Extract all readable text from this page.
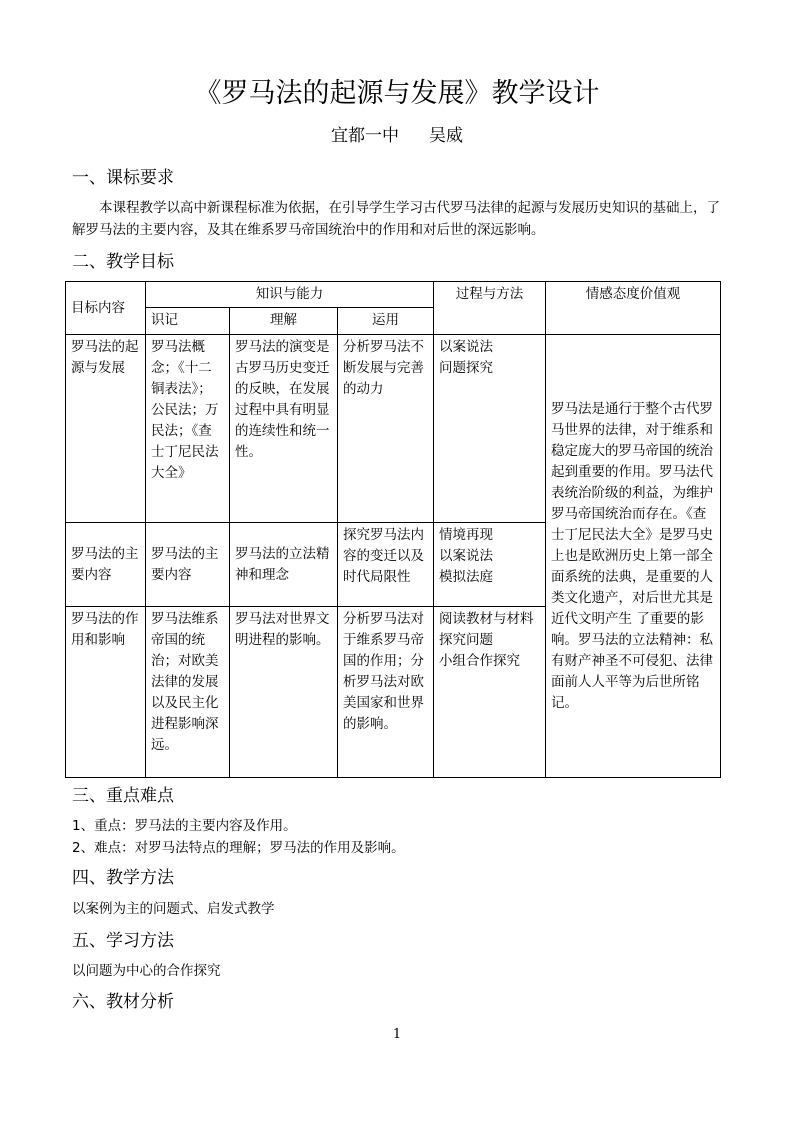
《罗马法的起源与发展》教学设计
宜都一中 吴威
一、课标要求
本课程教学以高中新课程标准为依据，在引导学生学习古代罗马法律的起源与发展历史知识的基础上，了解罗马法的主要内容，及其在维系罗马帝国统治中的作用和对后世的深远影响。
二、教学目标
目标内容	知识与能力			过程与方法	情感态度价值观
	识记	理解	运用		
罗马法的起源与发展	罗马法概念；《十二铜表法》；公民法；万民法；《查士丁尼民法大全》	罗马法的演变是古罗马历史变迁的反映，在发展过程中具有明显的连续性和统一性。	分析罗马法不断发展与完善的动力	以案说法
问题探究	罗马法是通行于整个古代罗马世界的法律，对于维系和稳定庞大的罗马帝国的统治起到重要的作用。罗马法代表统治阶级的利益，为维护罗马帝国统治而存在。《查士丁尼民法大全》是罗马史上也是欧洲历史上第一部全面系统的法典，是重要的人类文化遗产，对后世尤其是近代文明产生 了重要的影响。罗马法的立法精神：私有财产神圣不可侵犯、法律面前人人平等为后世所铭记。
罗马法的主要内容	罗马法的主要内容	罗马法的立法精神和理念	探究罗马法内容的变迁以及时代局限性	情境再现
以案说法
模拟法庭	
罗马法的作用和影响	罗马法维系帝国的统治；对欧美法律的发展以及民主化进程影响深远。	罗马法对世界文明进程的影响。	分析罗马法对于维系罗马帝国的作用；分析罗马法对欧美国家和世界的影响。	阅读教材与材料
探究问题
小组合作探究	
三、重点难点
1、重点：罗马法的主要内容及作用。
2、难点：对罗马法特点的理解；罗马法的作用及影响。
四、教学方法
以案例为主的问题式、启发式教学
五、学习方法
以问题为中心的合作探究
六、教材分析
1
